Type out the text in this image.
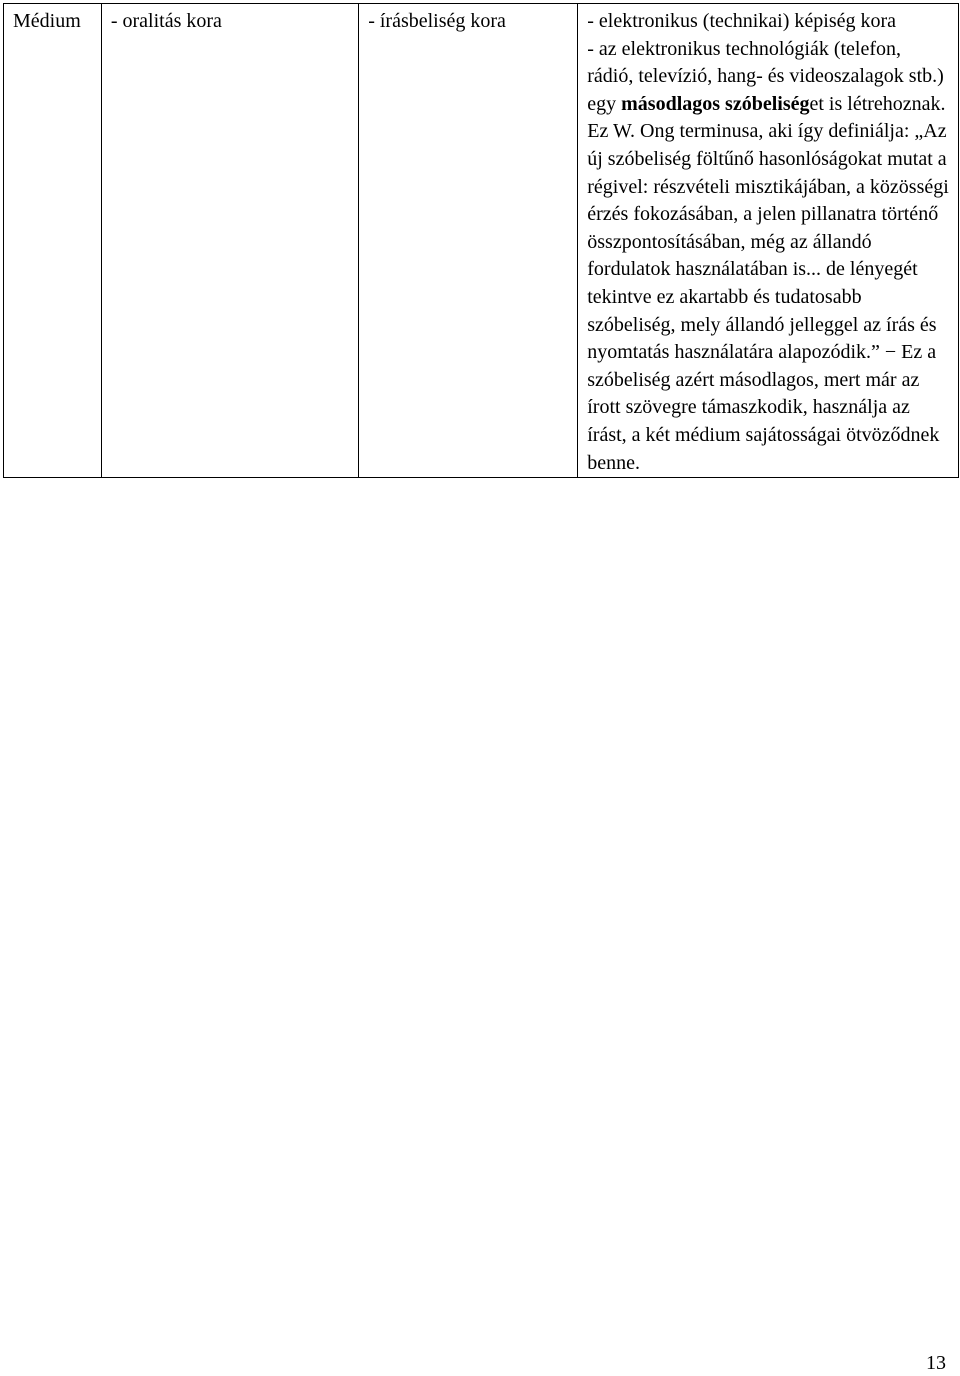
Médium	- oralitás kora	- írásbeliség kora	- elektronikus (technikai) képiség kora
- az elektronikus technológiák (telefon, rádió, televízió, hang- és videoszalagok stb.) egy másodlagos szóbeliséget is létrehoznak. Ez W. Ong terminusa, aki így definiálja: „Az új szóbeliség föltűnő hasonlóságokat mutat a régivel: részvételi misztikájában, a közösségi érzés fokozásában, a jelen pillanatra történő összpontosításában, még az állandó fordulatok használatában is... de lényegét tekintve ez akartabb és tudatosabb szóbeliség, mely állandó jelleggel az írás és nyomtatás használatára alapozódik.” − Ez a szóbeliség azért másodlagos, mert már az írott szövegre támaszkodik, használja az írást, a két médium sajátosságai ötvöződnek benne.
13
